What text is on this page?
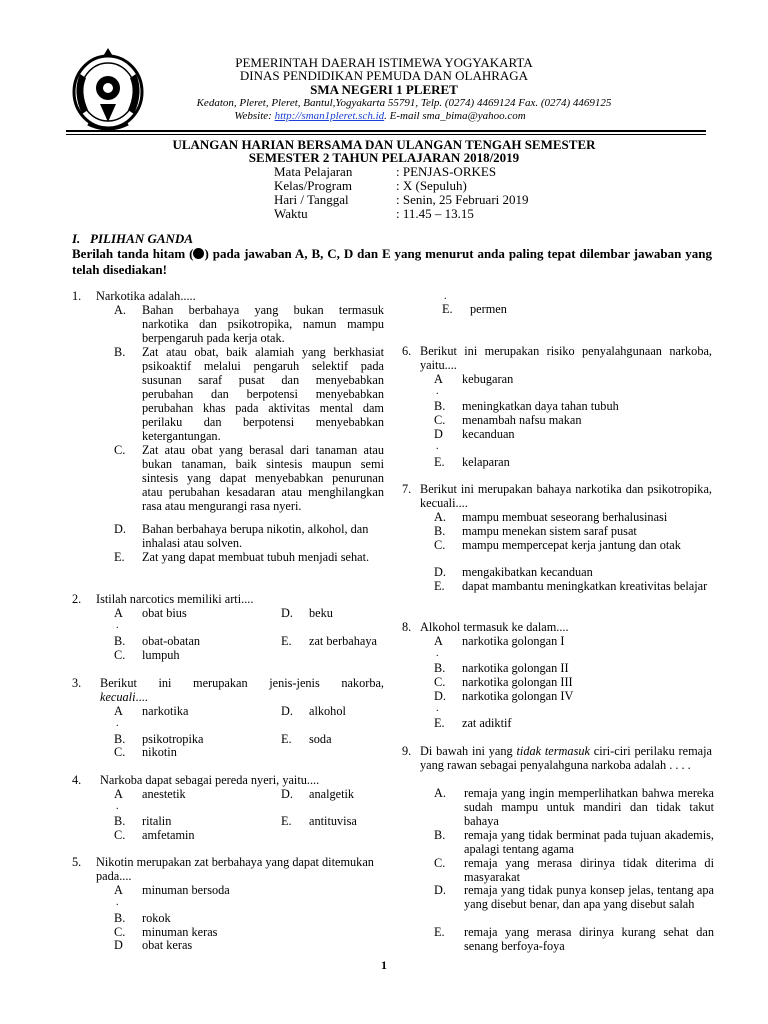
PEMERINTAH DAERAH ISTIMEWA YOGYAKARTA
DINAS PENDIDIKAN PEMUDA DAN OLAHRAGA
SMA NEGERI 1 PLERET
Kedaton, Pleret, Pleret, Bantul,Yogyakarta 55791, Telp. (0274) 4469124 Fax. (0274) 4469125
Website: http://sman1pleret.sch.id. E-mail sma_bima@yahoo.com
ULANGAN HARIAN BERSAMA DAN ULANGAN TENGAH SEMESTER
SEMESTER 2 TAHUN PELAJARAN 2018/2019
Mata Pelajaran	: PENJAS-ORKES
Kelas/Program	: X (Sepuluh)
Hari / Tanggal	: Senin, 25 Februari 2019
Waktu	: 11.45 – 13.15
I.   PILIHAN GANDA
Berilah tanda hitam ( ) pada jawaban A, B, C, D dan E yang menurut anda paling tepat dilembar jawaban yang telah disediakan!
1. Narkotika adalah.....
A. Bahan berbahaya yang bukan termasuk narkotika dan psikotropika, namun mampu berpengaruh pada kerja otak.
B. Zat atau obat, baik alamiah yang berkhasiat psikoaktif melalui pengaruh selektif pada susunan saraf pusat dan menyebabkan perubahan dan berpotensi menyebabkan perubahan khas pada aktivitas mental dam perilaku dan berpotensi menyebabkan ketergantungan.
C. Zat atau obat yang berasal dari tanaman atau bukan tanaman, baik sintesis maupun semi sintesis yang dapat menyebabkan penurunan atau perubahan kesadaran atau menghilangkan rasa atau mengurangi rasa nyeri.
D. Bahan berbahaya berupa nikotin, alkohol, dan inhalasi atau solven.
E. Zat yang dapat membuat tubuh menjadi sehat.
2. Istilah narcotics memiliki arti....
A
.
obat bius
B. obat-obatan
C. lumpuh
D. beku
E. zat berbahaya
3. Berikut ini merupakan jenis-jenis nakorba,
kecuali....
A
.
narkotika
B. psikotropika
C. nikotin
D. alkohol
E. soda
4. Narkoba dapat sebagai pereda nyeri, yaitu....
A
.
anestetik
B. ritalin
C. amfetamin
D. analgetik
E. antituvisa
5. Nikotin merupakan zat berbahaya yang dapat ditemukan pada....
A
.
minuman bersoda
B. rokok
C. minuman keras
D obat keras
.
E. permen
6. Berikut ini merupakan risiko penyalahgunaan narkoba, yaitu....
A
.
kebugaran
B. meningkatkan daya tahan tubuh
C. menambah nafsu makan
D
.
kecanduan
E. kelaparan
7. Berikut ini merupakan bahaya narkotika dan psikotropika, kecuali....
A. mampu membuat seseorang berhalusinasi
B. mampu menekan sistem saraf pusat
C. mampu mempercepat kerja jantung dan otak
D. mengakibatkan kecanduan
E. dapat mambantu meningkatkan kreativitas belajar
8. Alkohol termasuk ke dalam....
A
.
narkotika golongan I
B. narkotika golongan II
C. narkotika golongan III
D.
.
narkotika golongan IV
E. zat adiktif
9. Di bawah ini yang tidak termasuk ciri-ciri perilaku remaja yang rawan sebagai penyalahguna narkoba adalah . . . .
A. remaja yang ingin memperlihatkan bahwa mereka sudah mampu untuk mandiri dan tidak takut bahaya
B. remaja yang tidak berminat pada tujuan akademis, apalagi tentang agama
C. remaja yang merasa dirinya tidak diterima di masyarakat
D. remaja yang tidak punya konsep jelas, tentang apa yang disebut benar, dan apa yang disebut salah
E. remaja yang merasa dirinya kurang sehat dan senang berfoya-foya
1
